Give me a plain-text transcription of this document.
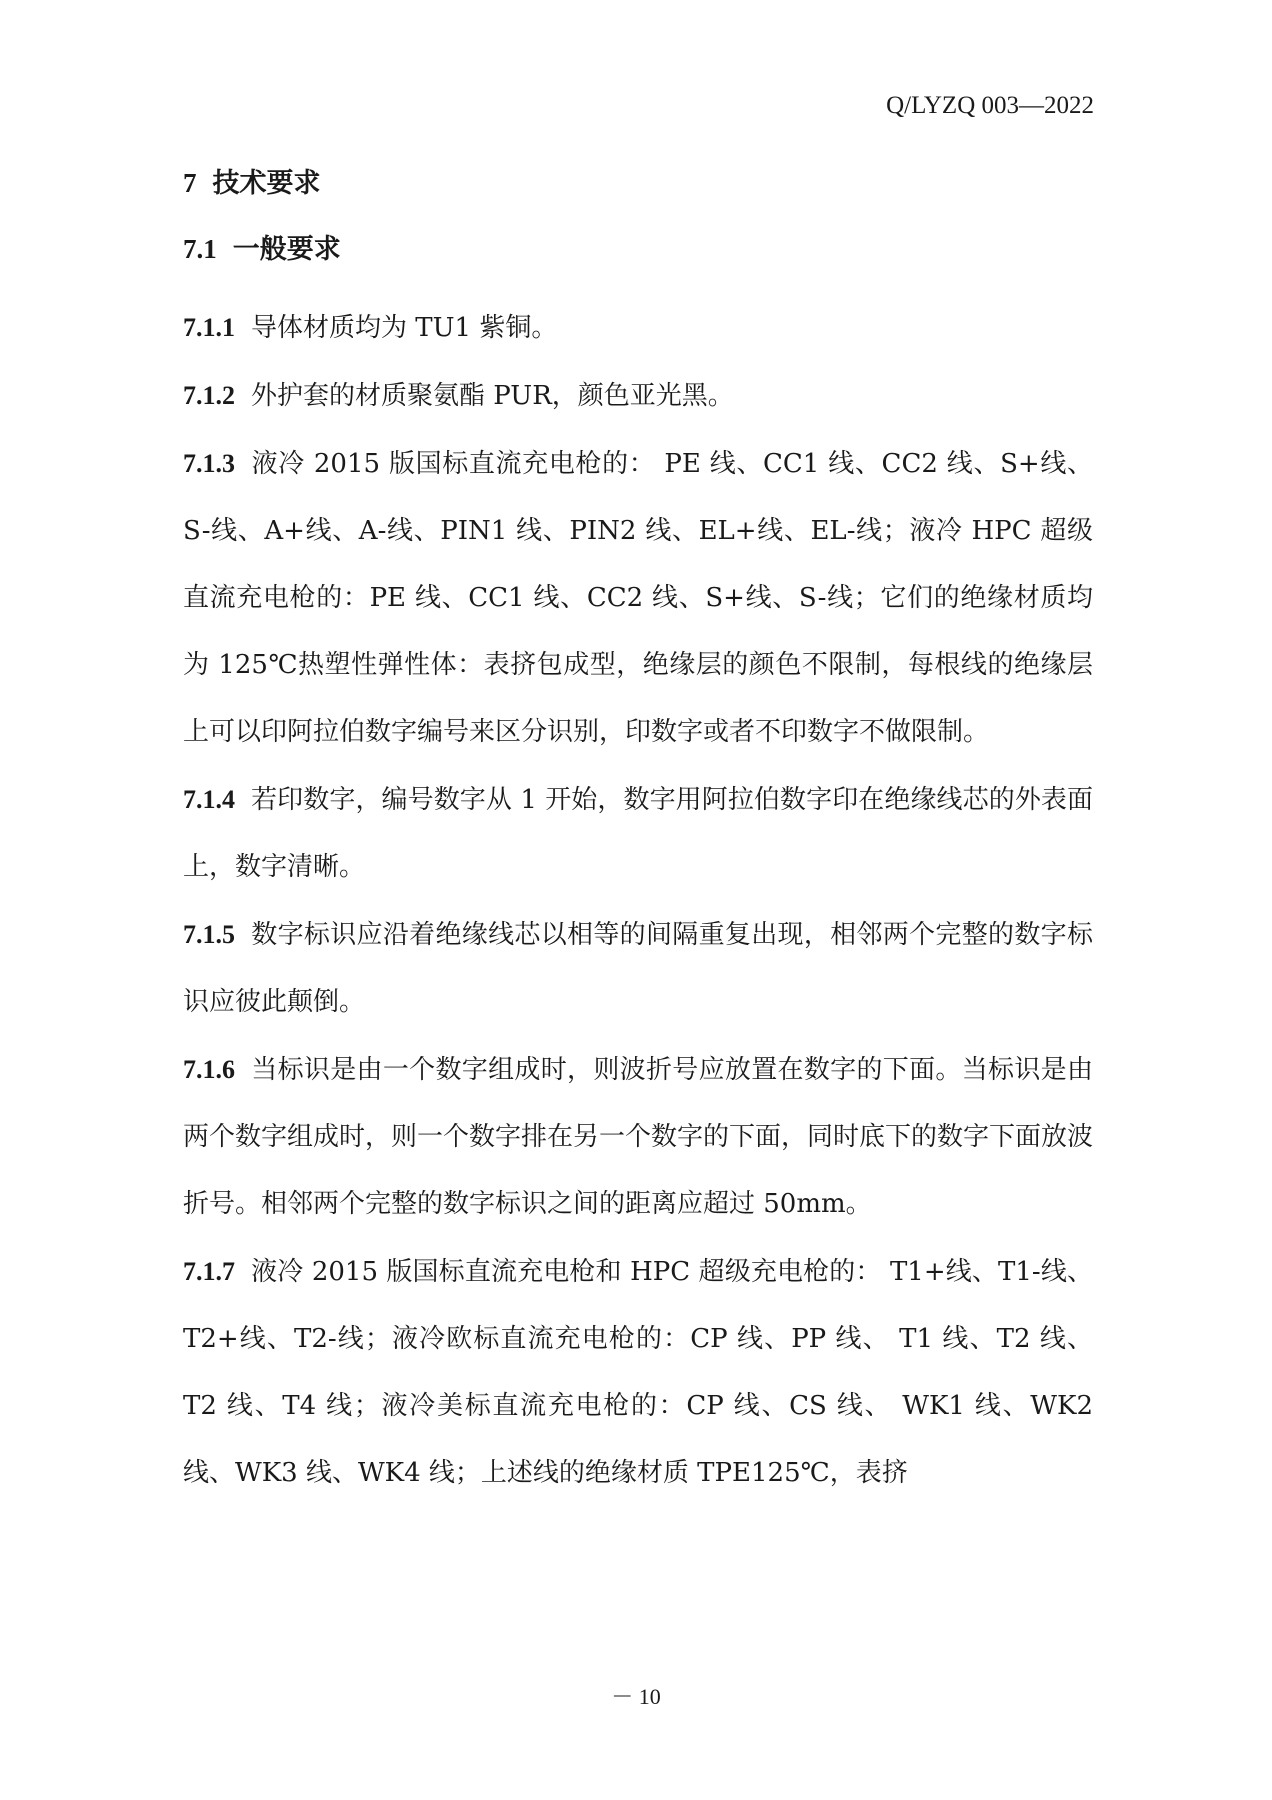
Q/LYZQ 003—2022
7 技术要求
7.1 一般要求

7.1.1 导体材质均为 TU1 紫铜。

7.1.2 外护套的材质聚氨酯 PUR，颜色亚光黑。

7.1.3 液冷 2015 版国标直流充电枪的： PE 线、CC1 线、CC2 线、S+线、S-线、A+线、A-线、PIN1 线、PIN2 线、EL+线、EL-线；液冷 HPC 超级直流充电枪的：PE 线、CC1 线、CC2 线、S+线、S-线；它们的绝缘材质均为 125℃热塑性弹性体：表挤包成型，绝缘层的颜色不限制，每根线的绝缘层上可以印阿拉伯数字编号来区分识别，印数字或者不印数字不做限制。

7.1.4 若印数字，编号数字从 1 开始，数字用阿拉伯数字印在绝缘线芯的外表面上，数字清晰。

7.1.5 数字标识应沿着绝缘线芯以相等的间隔重复出现，相邻两个完整的数字标识应彼此颠倒。

7.1.6 当标识是由一个数字组成时，则波折号应放置在数字的下面。当标识是由两个数字组成时，则一个数字排在另一个数字的下面，同时底下的数字下面放波折号。相邻两个完整的数字标识之间的距离应超过 50mm。

7.1.7 液冷 2015 版国标直流充电枪和 HPC 超级充电枪的： T1+线、T1-线、T2+线、T2-线；液冷欧标直流充电枪的：CP 线、PP 线、 T1 线、T2 线、T2 线、T4 线；液冷美标直流充电枪的：CP 线、CS 线、 WK1 线、WK2 线、WK3 线、WK4 线；上述线的绝缘材质 TPE125℃，表挤

－ 10
